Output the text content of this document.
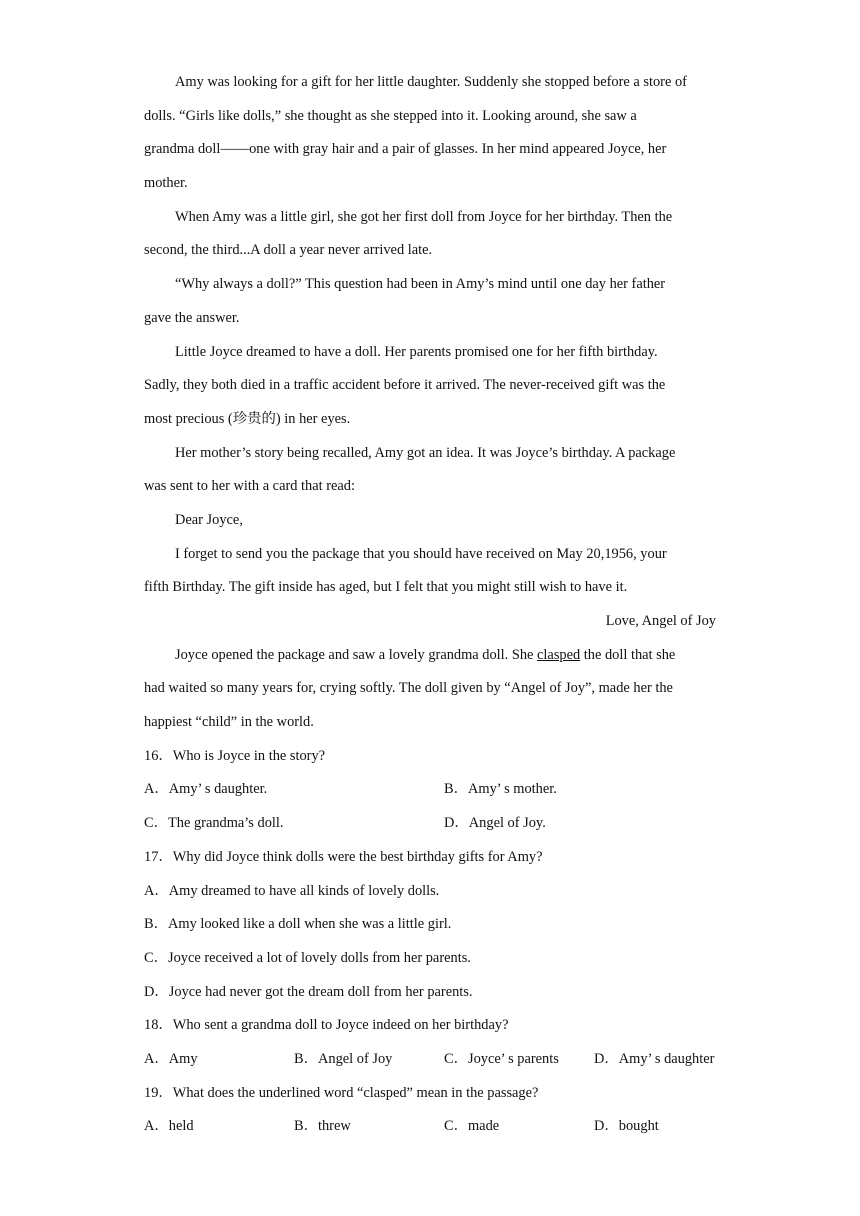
Amy was looking for a gift for her little daughter. Suddenly she stopped before a store of
dolls. “Girls like dolls,” she thought as she stepped into it. Looking around, she saw a
grandma doll——one with gray hair and a pair of glasses. In her mind appeared Joyce, her
mother.
When Amy was a little girl, she got her first doll from Joyce for her birthday. Then the
second, the third...A doll a year never arrived late.
“Why always a doll?” This question had been in Amy’s mind until one day her father
gave the answer.
Little Joyce dreamed to have a doll. Her parents promised one for her fifth birthday.
Sadly, they both died in a traffic accident before it arrived. The never-received gift was the
most precious (珍贵的) in her eyes.
Her mother’s story being recalled, Amy got an idea. It was Joyce’s birthday. A package
was sent to her with a card that read:
Dear Joyce,
I forget to send you the package that you should have received on May 20,1956, your
fifth Birthday. The gift inside has aged, but I felt that you might still wish to have it.
Love, Angel of Joy
Joyce opened the package and saw a lovely grandma doll. She clasped the doll that she
had waited so many years for, crying softly. The doll given by “Angel of Joy”, made her the
happiest “child” in the world.
16．Who is Joyce in the story?
A．Amy’ s daughter.	B．Amy’ s mother.
C．The grandma’s doll.	D．Angel of Joy.
17．Why did Joyce think dolls were the best birthday gifts for Amy?
A．Amy dreamed to have all kinds of lovely dolls.
B．Amy looked like a doll when she was a little girl.
C．Joyce received a lot of lovely dolls from her parents.
D．Joyce had never got the dream doll from her parents.
18．Who sent a grandma doll to Joyce indeed on her birthday?
A．Amy	B．Angel of Joy	C．Joyce’ s parents	D．Amy’ s daughter
19．What does the underlined word “clasped” mean in the passage?
A．held	B．threw	C．made	D．bought
